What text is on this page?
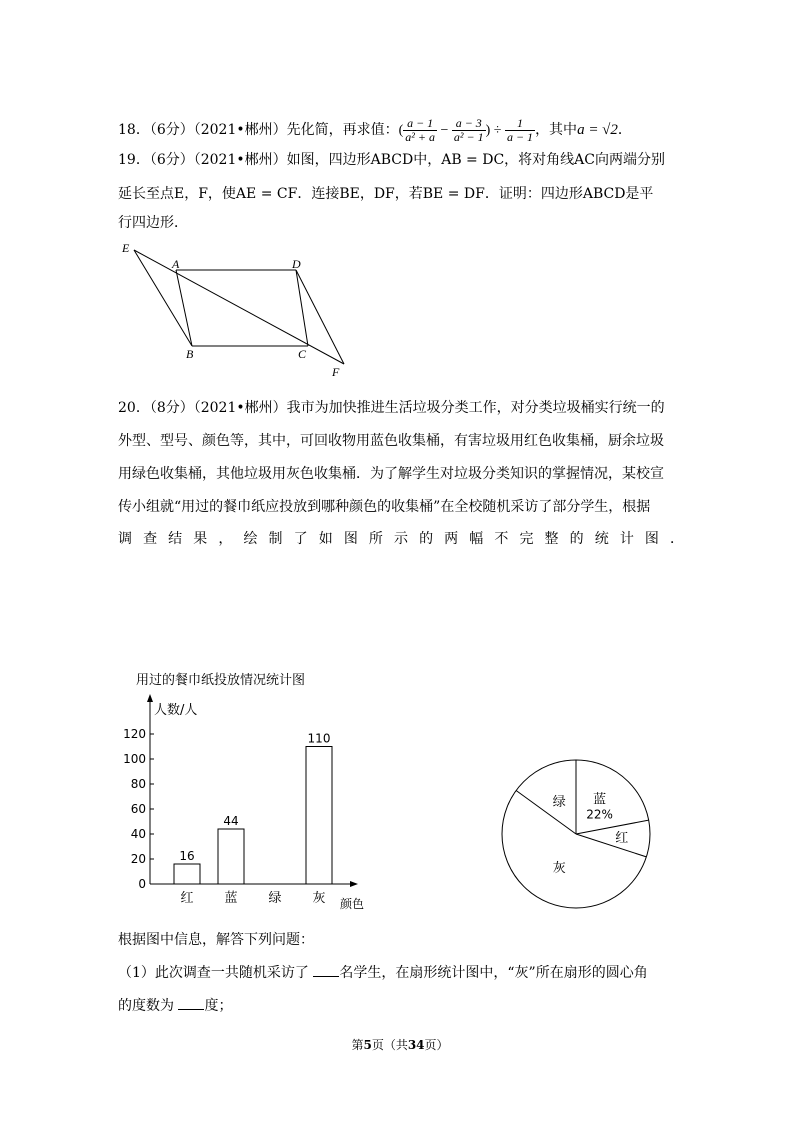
18．（6分）（2021•郴州）先化简，再求值：( $\frac{a - 1}{\text{a² + a}} - \frac{a - 3}{\text{a² − 1}}$ ) ÷ $\frac{1}{a - 1}$ ，其中a = √2．
19．（6分）（2021•郴州）如图，四边形ABCD中，AB = DC，将对角线AC向两端分别
延长至点E，F，使AE = CF．连接BE，DF，若BE = DF．证明：四边形ABCD是平
行四边形．
E
A	D
B	C
F
20．（8分）（2021•郴州）我市为加快推进生活垃圾分类工作，对分类垃圾桶实行统一的
外型、型号、颜色等，其中，可回收物用蓝色收集桶，有害垃圾用红色收集桶，厨余垃圾
用绿色收集桶，其他垃圾用灰色收集桶．为了解学生对垃圾分类知识的掌握情况，某校宣
传小组就“用过的餐巾纸应投放到哪种颜色的收集桶”在全校随机采访了部分学生，根据
调查结果，绘制了如图所示的两幅不完整的统计图．
用过的餐巾纸投放情况统计图
人数/人
颜色
0
20
40
60
80
100
120
16
44
110
红 蓝 绿 灰
蓝
22%
红
灰
绿
根据图中信息，解答下列问题：
（1）此次调查一共随机采访了 名学生，在扇形统计图中，“灰”所在扇形的圆心角
的度数为 度；
第5页（共34页）
